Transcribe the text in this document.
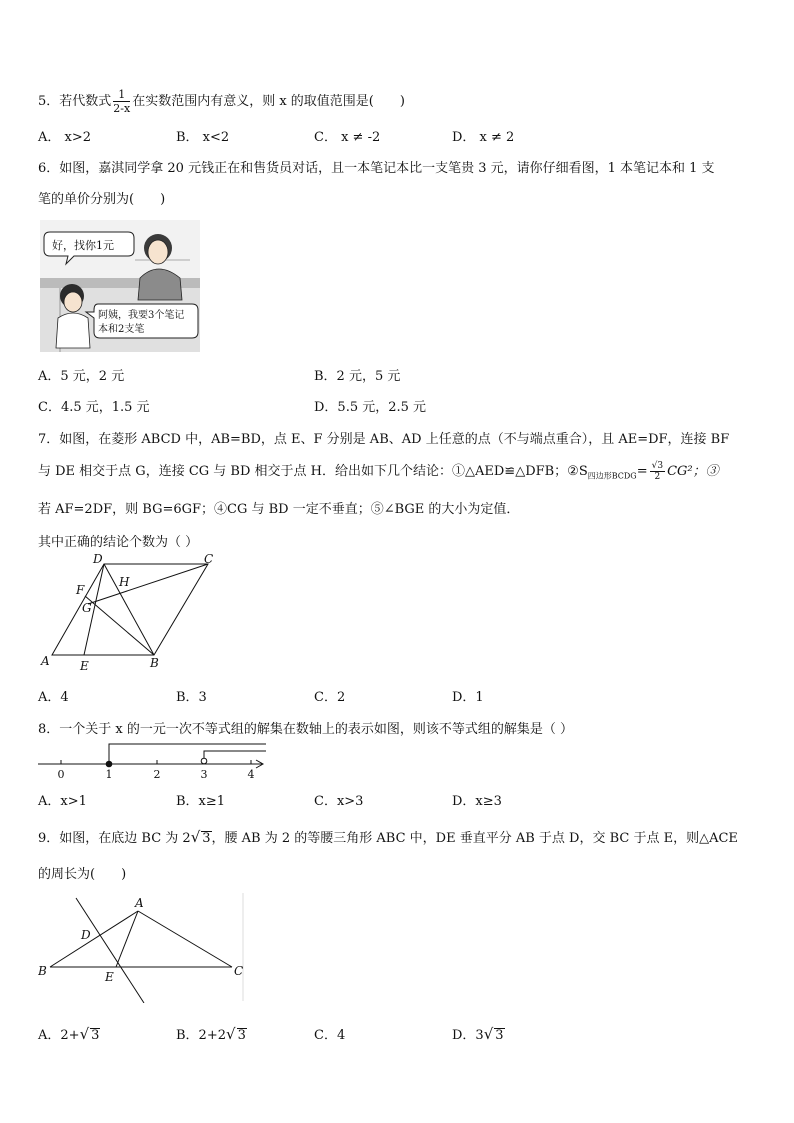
5．若代数式 $\frac{1}{2-x}$ 在实数范围内有意义，则 x 的取值范围是(　　)
A． x>2	B． x<2	C． x ≠ -2	D． x ≠ 2
6．如图，嘉淇同学拿 20 元钱正在和售货员对话，且一本笔记本比一支笔贵 3 元，请你仔细看图，1 本笔记本和 1 支
笔的单价分别为(　　)
好，找你1元
阿姨，我要3个笔记
本和2支笔
A．5 元，2 元	B．2 元，5 元
C．4.5 元，1.5 元	D．5.5 元，2.5 元
7．如图，在菱形 ABCD 中，AB=BD，点 E、F 分别是 AB、AD 上任意的点（不与端点重合），且 AE=DF，连接 BF
与 DE 相交于点 G，连接 CG 与 BD 相交于点 H．给出如下几个结论：①△AED≌△DFB；$②S_{四边形BCDG}= \frac{√3}{2} CG^2$；③
若 AF=2DF，则 BG=6GF；④CG 与 BD 一定不垂直；⑤∠BGE 的大小为定值．
其中正确的结论个数为（ ）
A	B
C
D
E
F
G
H
A．4	B．3	C．2	D．1
8．一个关于 x 的一元一次不等式组的解集在数轴上的表示如图，则该不等式组的解集是（ ）
0	1	2	3	4
A．x>1	B．x≥1	C．x>3	D．x≥3
9．如图，在底边 BC 为 2√ 3，腰 AB 为 2 的等腰三角形 ABC 中，DE 垂直平分 AB 于点 D，交 BC 于点 E，则△ACE
的周长为(　　)
A
B	C
D
E
A．2+√ 3	B．2+2√ 3	C．4	D．3√ 3
